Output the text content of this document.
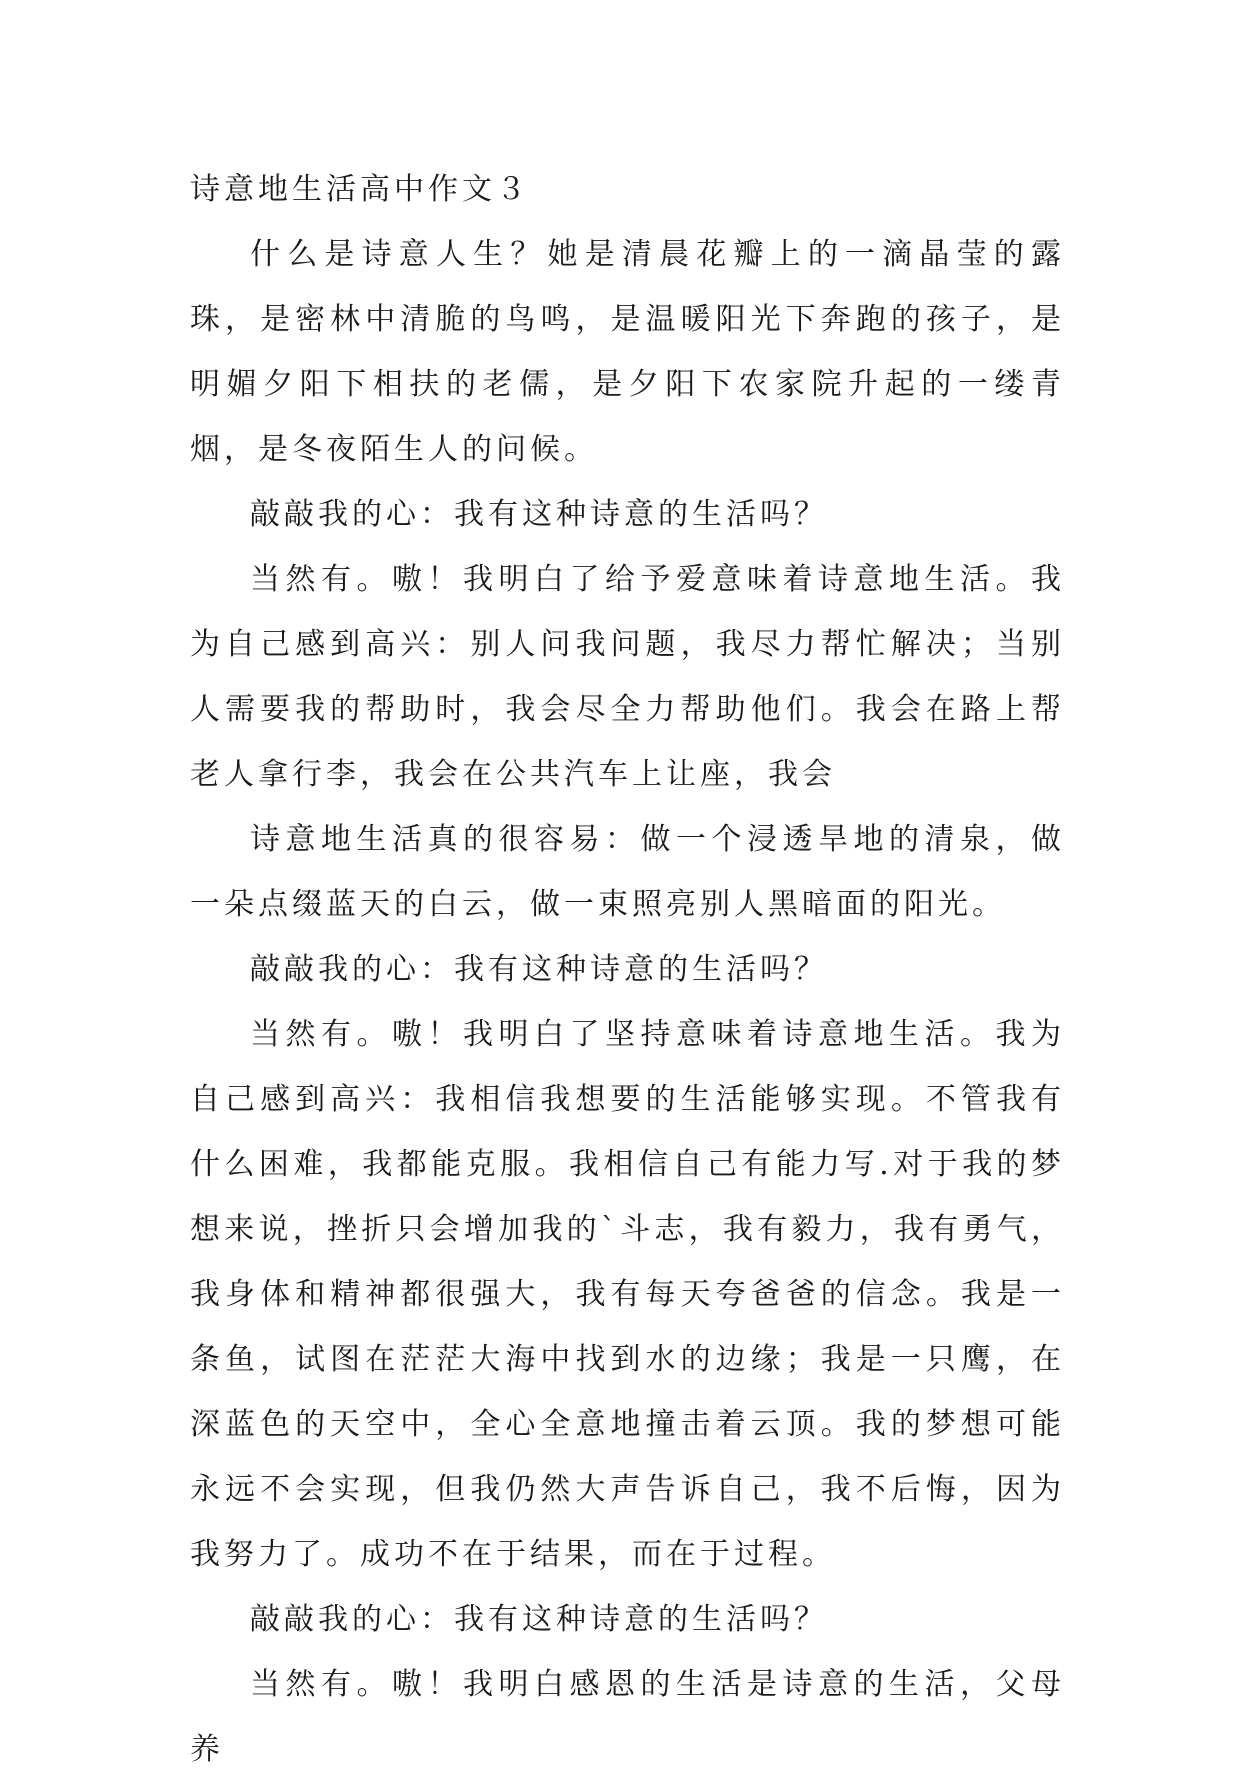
诗意地生活高中作文３

什么是诗意人生？她是清晨花瓣上的一滴晶莹的露珠，是密林中清脆的鸟鸣，是温暖阳光下奔跑的孩子，是明媚夕阳下相扶的老儒，是夕阳下农家院升起的一缕青烟，是冬夜陌生人的问候。

敲敲我的心：我有这种诗意的生活吗？

当然有。嗷！我明白了给予爱意味着诗意地生活。我为自己感到高兴：别人问我问题，我尽力帮忙解决；当别人需要我的帮助时，我会尽全力帮助他们。我会在路上帮老人拿行李，我会在公共汽车上让座，我会

诗意地生活真的很容易：做一个浸透旱地的清泉，做一朵点缀蓝天的白云，做一束照亮别人黑暗面的阳光。

敲敲我的心：我有这种诗意的生活吗？

当然有。嗷！我明白了坚持意味着诗意地生活。我为自己感到高兴：我相信我想要的生活能够实现。不管我有什么困难，我都能克服。我相信自己有能力写.对于我的梦想来说，挫折只会增加我的`斗志，我有毅力，我有勇气，我身体和精神都很强大，我有每天夸爸爸的信念。我是一条鱼，试图在茫茫大海中找到水的边缘；我是一只鹰，在深蓝色的天空中，全心全意地撞击着云顶。我的梦想可能永远不会实现，但我仍然大声告诉自己，我不后悔，因为我努力了。成功不在于结果，而在于过程。

敲敲我的心：我有这种诗意的生活吗？

当然有。嗷！我明白感恩的生活是诗意的生活，父母养
